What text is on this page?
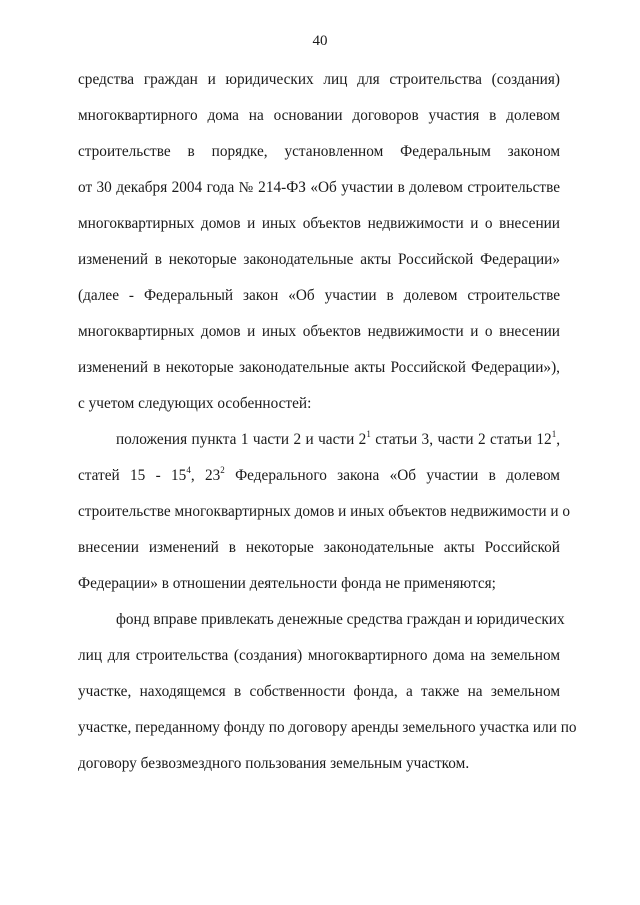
40
средства граждан и юридических лиц для строительства (создания)
многоквартирного дома на основании договоров участия в долевом
строительстве в порядке, установленном Федеральным законом
от 30 декабря 2004 года № 214-ФЗ «Об участии в долевом строительстве
многоквартирных домов и иных объектов недвижимости и о внесении
изменений в некоторые законодательные акты Российской Федерации»
(далее - Федеральный закон «Об участии в долевом строительстве
многоквартирных домов и иных объектов недвижимости и о внесении
изменений в некоторые законодательные акты Российской Федерации»),
с учетом следующих особенностей:
положения пункта 1 части 2 и части $2^1$ статьи 3, части 2 статьи $12^1$,
статей $15 - 15^4$, $23^2$ Федерального закона «Об участии в долевом
строительстве многоквартирных домов и иных объектов недвижимости и о
внесении изменений в некоторые законодательные акты Российской
Федерации» в отношении деятельности фонда не применяются;
фонд вправе привлекать денежные средства граждан и юридических
лиц для строительства (создания) многоквартирного дома на земельном
участке, находящемся в собственности фонда, а также на земельном
участке, переданному фонду по договору аренды земельного участка или по
договору безвозмездного пользования земельным участком.
